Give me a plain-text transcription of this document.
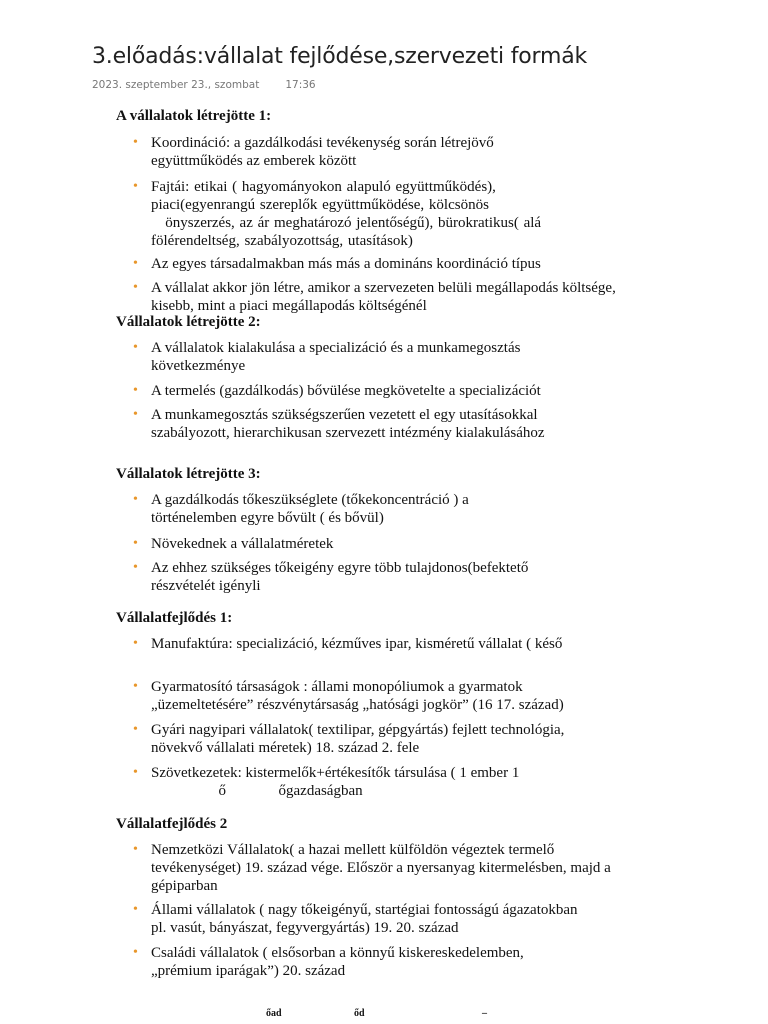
3.előadás:vállalat fejlődése,szervezeti formák
2023. szeptember 23., szombat 17:36
A vállalatok létrejötte 1:
• Koordináció: a gazdálkodási tevékenység során létrejövő együttműködés az emberek között
• Fajtái: etikai ( hagyományokon alapuló együttműködés), piaci(egyenrangú szereplők együttműködése, kölcsönös
önyszerzés, az ár meghatározó jelentőségű), bürokratikus( alá fölérendeltség, szabályozottság, utasítások)
• Az egyes társadalmakban más más a domináns koordináció típus
• A vállalat akkor jön létre, amikor a szervezeten belüli megállapodás költsége, kisebb, mint a piaci megállapodás költségénél
Vállalatok létrejötte 2:
• A vállalatok kialakulása a specializáció és a munkamegosztás következménye
• A termelés (gazdálkodás) bővülése megkövetelte a specializációt
• A munkamegosztás szükségszerűen vezetett el egy utasításokkal szabályozott, hierarchikusan szervezett intézmény kialakulásához
Vállalatok létrejötte 3:
• A gazdálkodás tőkeszükséglete (tőkekoncentráció ) a történelemben egyre bővült ( és bővül)
• Növekednek a vállalatméretek
• Az ehhez szükséges tőkeigény egyre több tulajdonos(befektető részvételét igényli
Vállalatfejlődés 1:
• Manufaktúra: specializáció, kézműves ipar, kisméretű vállalat ( késő
• Gyarmatosító társaságok : állami monopóliumok a gyarmatok „üzemeltetésére” részvénytársaság „hatósági jogkör” (16 17. század)
• Gyári nagyipari vállalatok( textilipar, gépgyártás) fejlett technológia, növekvő vállalati méretek) 18. század 2. fele
• Szövetkezetek: kistermelők+értékesítők társulása ( 1 ember 1
ő              őgazdaságban
Vállalatfejlődés 2
• Nemzetközi Vállalatok( a hazai mellett külföldön végeztek termelő tevékenységet) 19. század vége. Először a nyersanyag kitermelésben, majd a gépiparban
• Állami vállalatok ( nagy tőkeigényű, startégiai fontosságú ágazatokban pl. vasút, bányászat, fegyvergyártás) 19. 20. század
• Családi vállalatok ( elsősorban a könnyű kiskereskedelemben, „prémium iparágak”) 20. század
őad	őd	–
